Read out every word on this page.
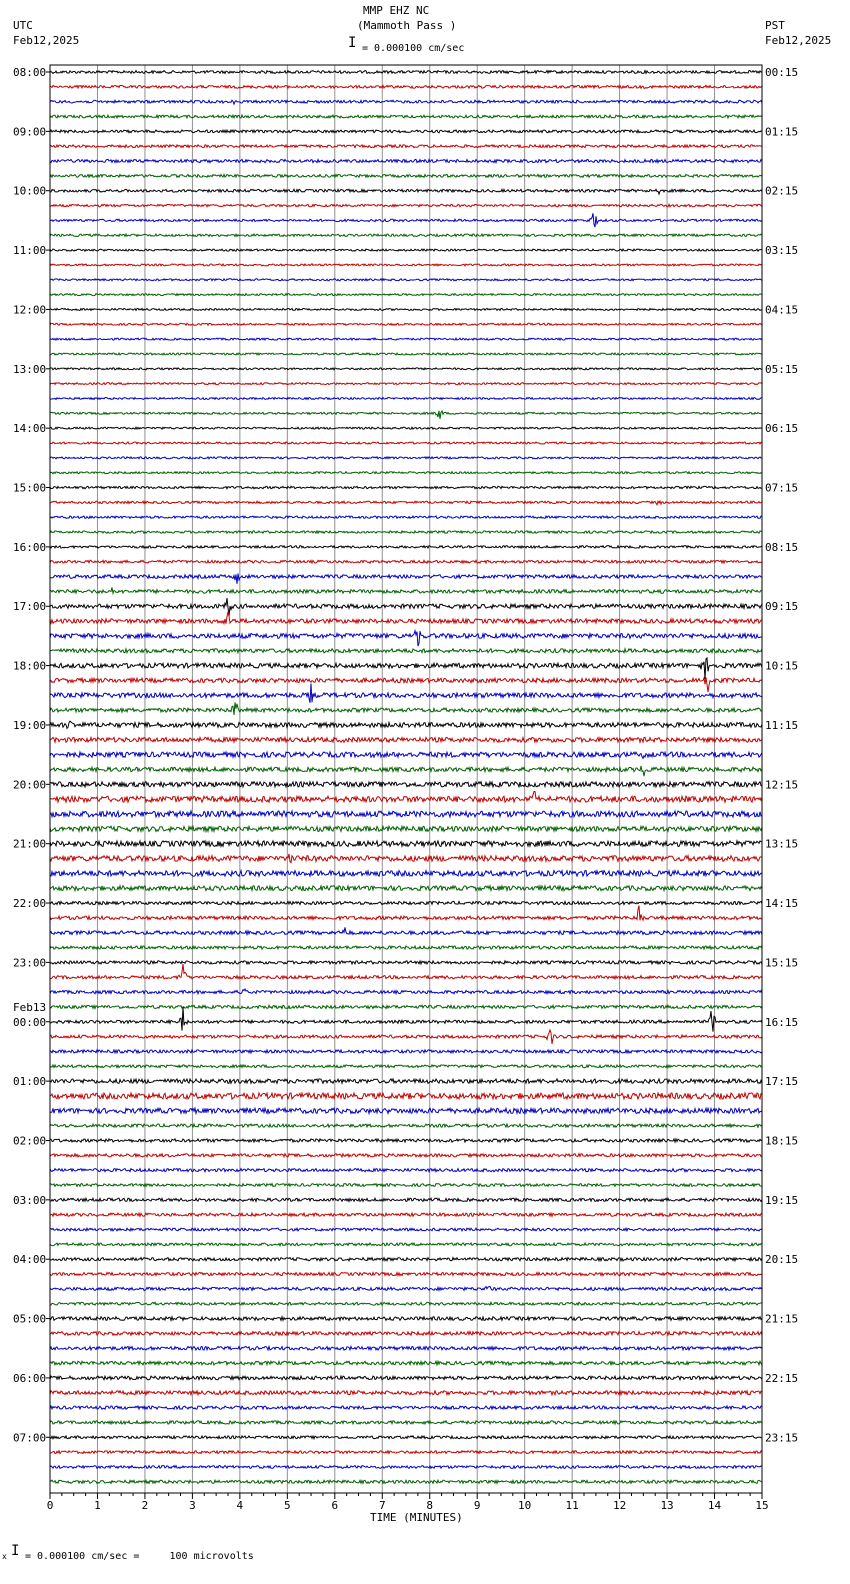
08:00
09:00
10:00
11:00
12:00
13:00
14:00
15:00
16:00
17:00
18:00
19:00
20:00
21:00
22:00
23:00
00:00
01:00
02:00
03:00
04:00
05:00
06:00
07:00
00:15
01:15
02:15
03:15
04:15
05:15
06:15
07:15
08:15
09:15
10:15
11:15
12:15
13:15
14:15
15:15
16:15
17:15
18:15
19:15
20:15
21:15
22:15
23:15
Feb13
0	1	2	3	4	5	6	7	8	9	10	11	12	13	14	15
TIME (MINUTES)
MMP EHZ NC
(Mammoth Pass )
I = 0.000100 cm/sec
UTC
Feb12,2025
PST
Feb12,2025
x I = 0.000100 cm/sec =     100 microvolts
